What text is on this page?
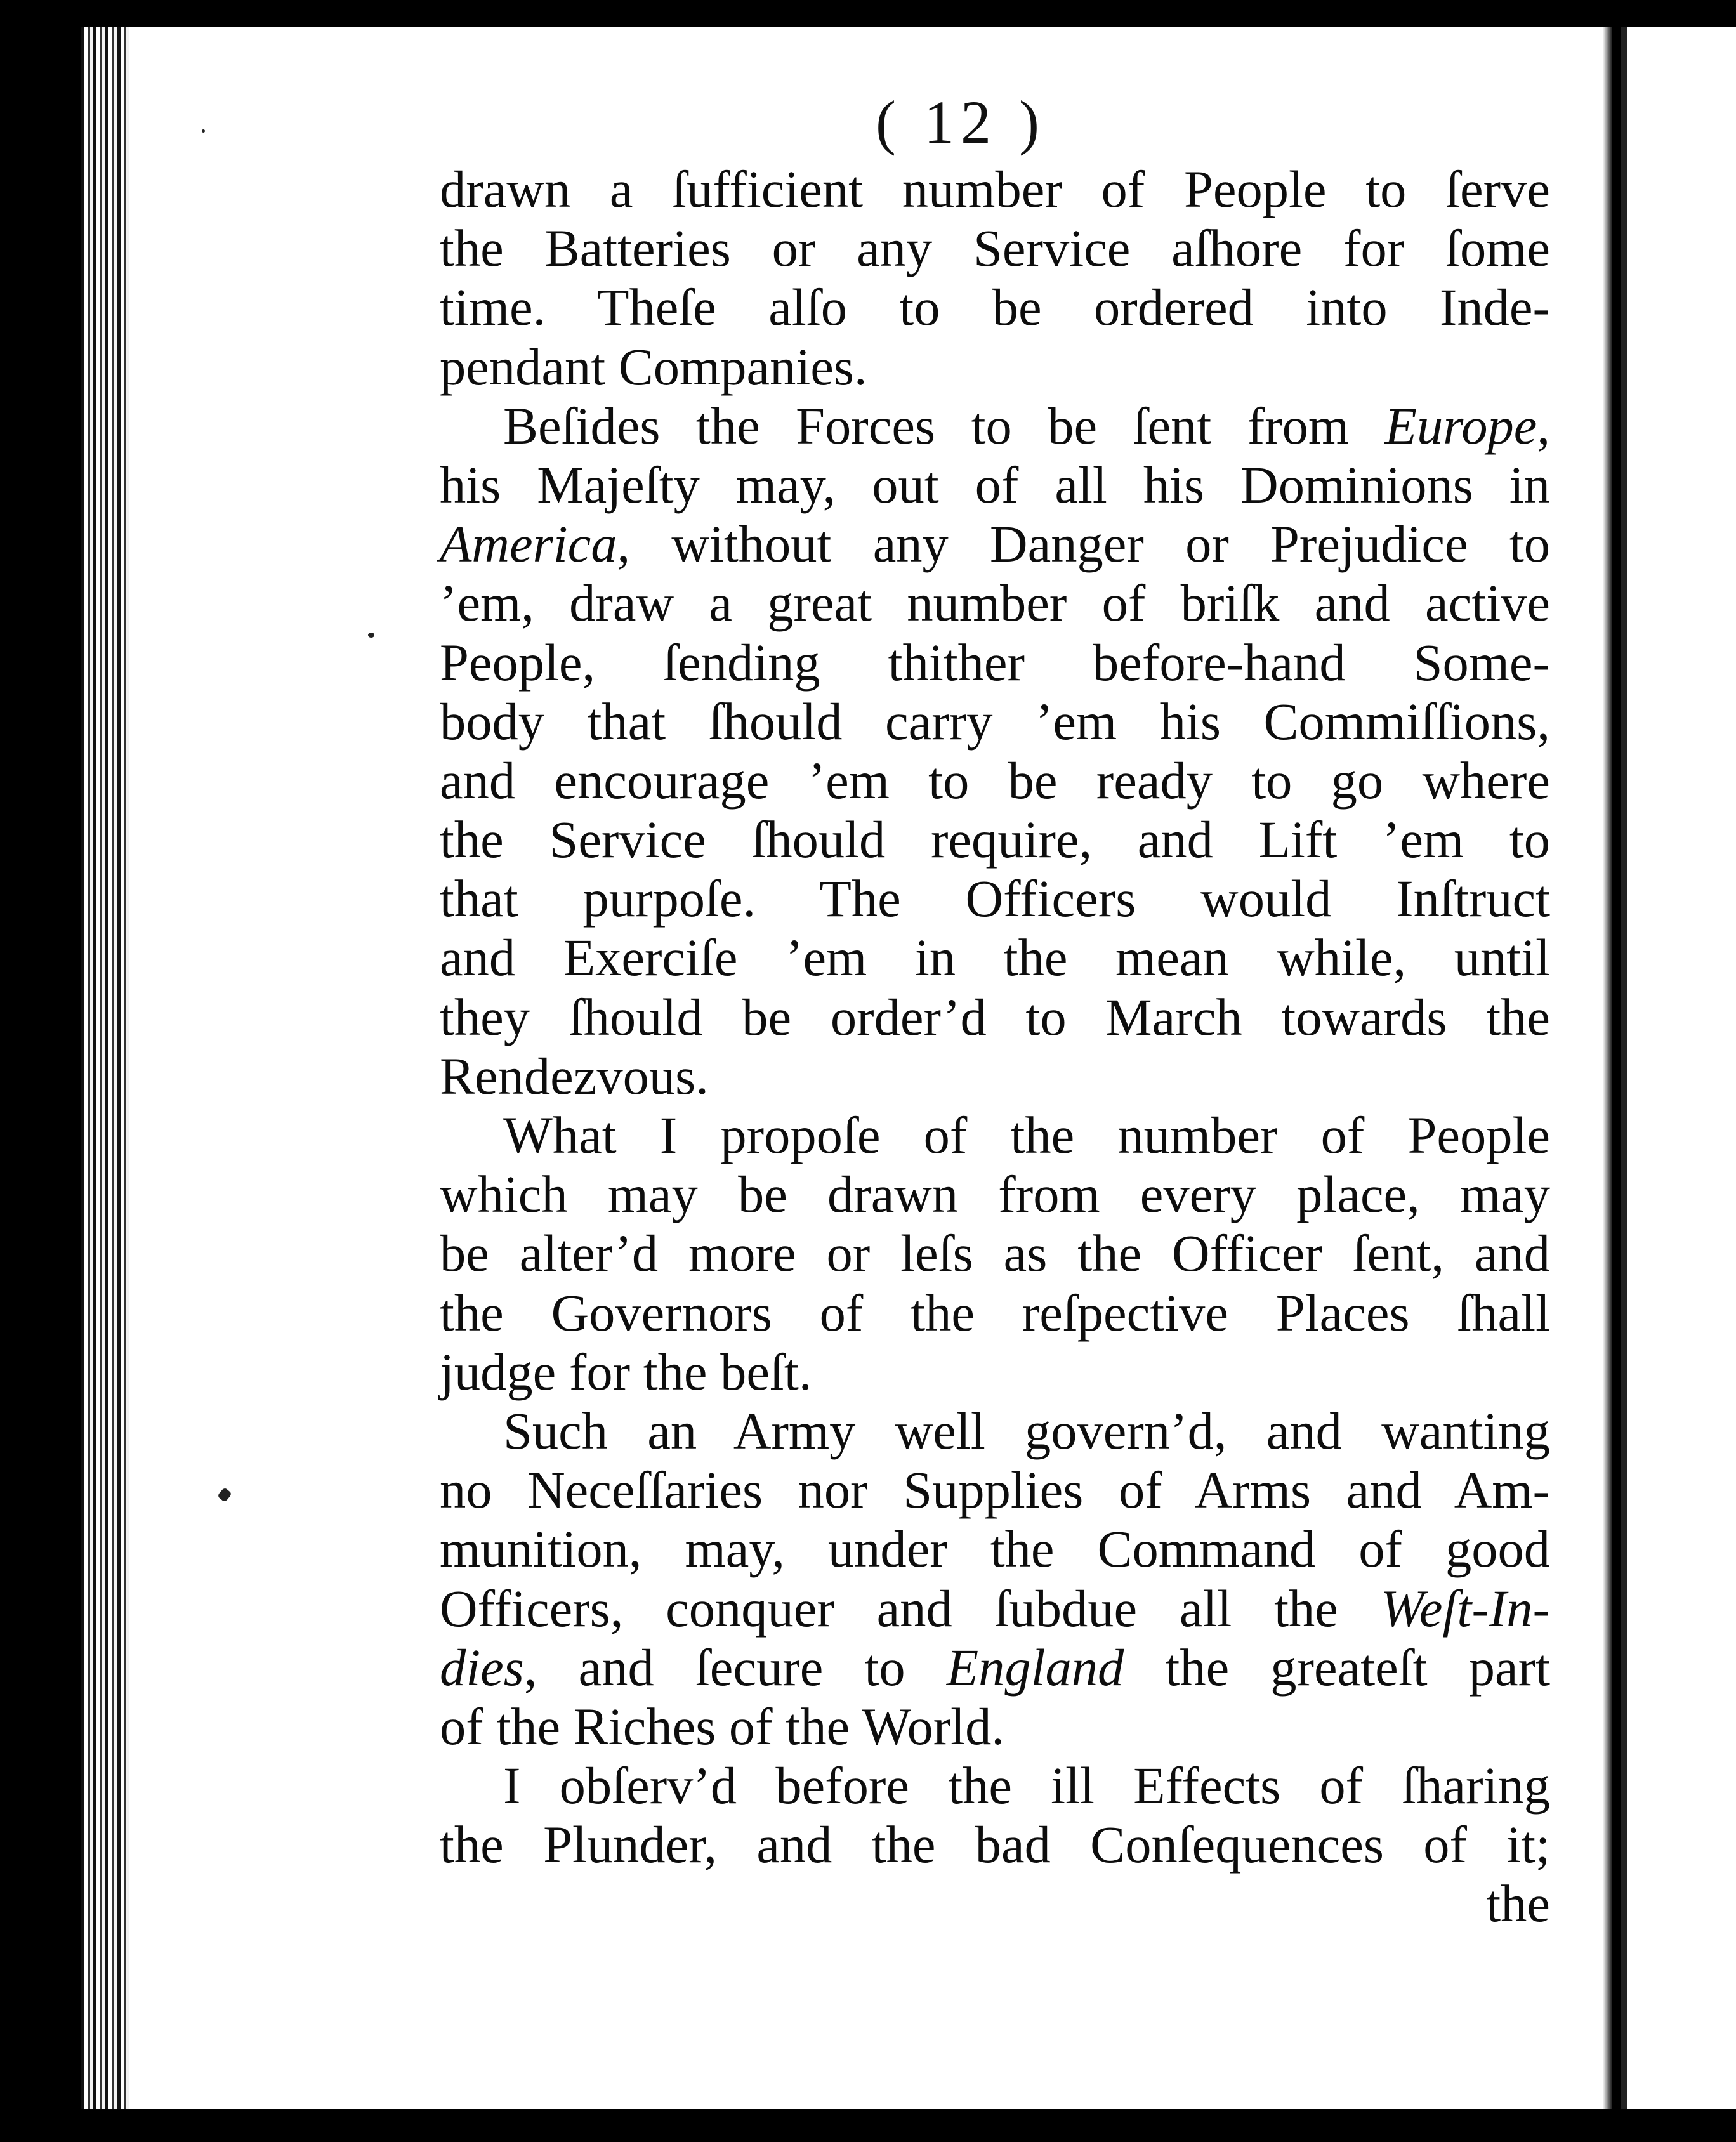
( 12 )
drawn a ſufficient number of People to ſerve
the Batteries or any Service aſhore for ſome
time. Theſe alſo to be ordered into Inde-
pendant Companies.
Beſides the Forces to be ſent from Europe,
his Majeſty may, out of all his Dominions in
America, without any Danger or Prejudice to
’em, draw a great number of briſk and active
People, ſending thither before-hand Some-
body that ſhould carry ’em his Commiſſions,
and encourage ’em to be ready to go where
the Service ſhould require, and Lift ’em to
that purpoſe. The Officers would Inſtruct
and Exerciſe ’em in the mean while, until
they ſhould be order’d to March towards the
Rendezvous.
What I propoſe of the number of People
which may be drawn from every place, may
be alter’d more or leſs as the Officer ſent, and
the Governors of the reſpective Places ſhall
judge for the beſt.
Such an Army well govern’d, and wanting
no Neceſſaries nor Supplies of Arms and Am-
munition, may, under the Command of good
Officers, conquer and ſubdue all the Weſt-In-
dies, and ſecure to England the greateſt part
of the Riches of the World.
I obſerv’d before the ill Effects of ſharing
the Plunder, and the bad Conſequences of it;
the
